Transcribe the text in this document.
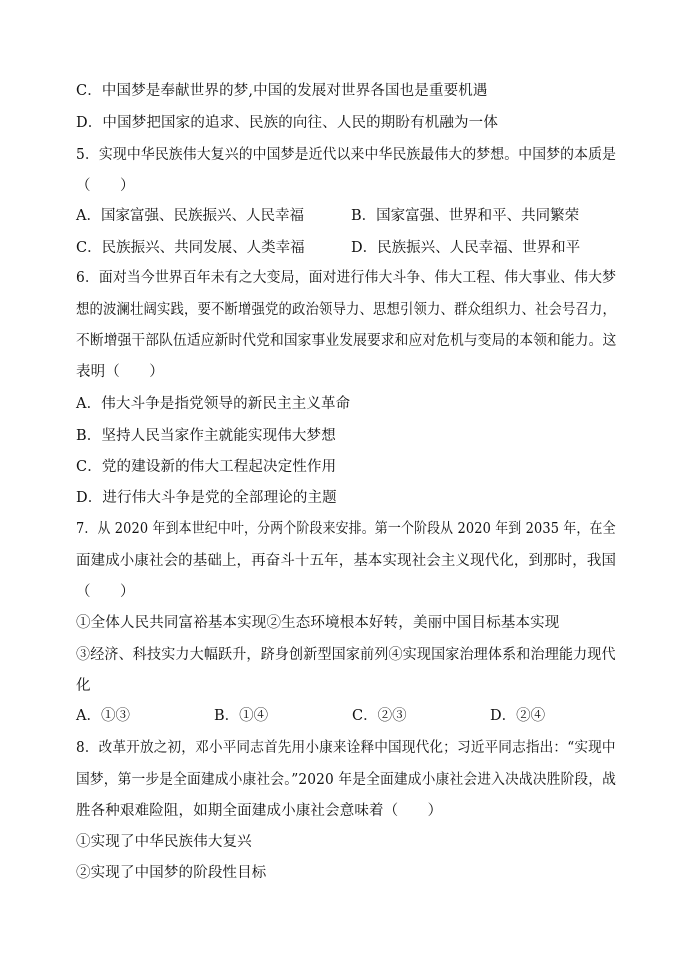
C．中国梦是奉献世界的梦,中国的发展对世界各国也是重要机遇
D．中国梦把国家的追求、民族的向往、人民的期盼有机融为一体
5．实现中华民族伟大复兴的中国梦是近代以来中华民族最伟大的梦想。中国梦的本质是
（　　）
A．国家富强、民族振兴、人民幸福	B．国家富强、世界和平、共同繁荣
C．民族振兴、共同发展、人类幸福	D．民族振兴、人民幸福、世界和平
6．面对当今世界百年未有之大变局，面对进行伟大斗争、伟大工程、伟大事业、伟大梦
想的波澜壮阔实践，要不断增强党的政治领导力、思想引领力、群众组织力、社会号召力，
不断增强干部队伍适应新时代党和国家事业发展要求和应对危机与变局的本领和能力。这
表明（　　）
A．伟大斗争是指党领导的新民主主义革命
B．坚持人民当家作主就能实现伟大梦想
C．党的建设新的伟大工程起决定性作用
D．进行伟大斗争是党的全部理论的主题
7．从 2020 年到本世纪中叶，分两个阶段来安排。第一个阶段从 2020 年到 2035 年，在全
面建成小康社会的基础上，再奋斗十五年，基本实现社会主义现代化，到那时，我国
（　　）
①全体人民共同富裕基本实现②生态环境根本好转，美丽中国目标基本实现
③经济、科技实力大幅跃升，跻身创新型国家前列④实现国家治理体系和治理能力现代
化
A．①③	B．①④	C．②③	D．②④
8．改革开放之初，邓小平同志首先用小康来诠释中国现代化；习近平同志指出：“实现中
国梦，第一步是全面建成小康社会。”2020 年是全面建成小康社会进入决战决胜阶段，战
胜各种艰难险阻，如期全面建成小康社会意味着（　　）
①实现了中华民族伟大复兴
②实现了中国梦的阶段性目标
